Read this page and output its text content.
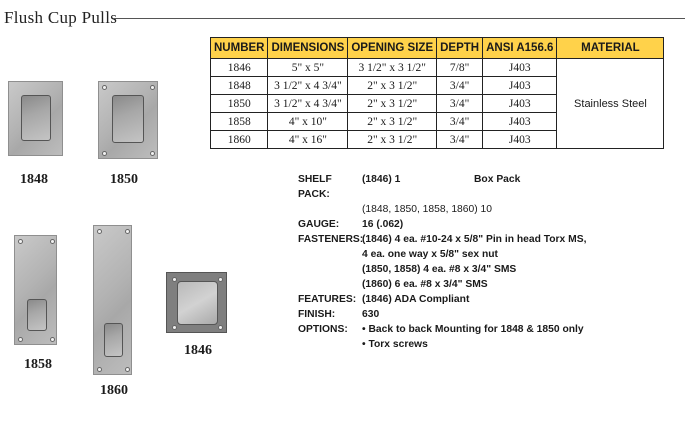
Flush Cup Pulls
NUMBER	DIMENSIONS	OPENING SIZE	DEPTH	ANSI A156.6	MATERIAL
1846	5" x 5"	3 1/2" x 3 1/2"	7/8"	J403	Stainless Steel
1848	3 1/2" x 4 3/4"	2" x 3 1/2"	3/4"	J403	
1850	3 1/2" x 4 3/4"	2" x 3 1/2"	3/4"	J403	
1858	4" x 10"	2" x 3 1/2"	3/4"	J403	
1860	4" x 16"	2" x 3 1/2"	3/4"	J403	
1848	1850
1858
1860
1846
SHELF PACK:
(1846) 1	Box Pack
(1848, 1850, 1858, 1860) 10
GAUGE:	16 (.062)
FASTENERS:
(1846) 4 ea. #10-24 x 5/8" Pin in head Torx MS,
4 ea. one way x 5/8" sex nut
(1850, 1858) 4 ea. #8 x 3/4" SMS
(1860) 6 ea. #8 x 3/4" SMS
FEATURES: (1846) ADA Compliant
FINISH:	630
OPTIONS:	• Back to back Mounting for 1848 & 1850 only
• Torx screws
